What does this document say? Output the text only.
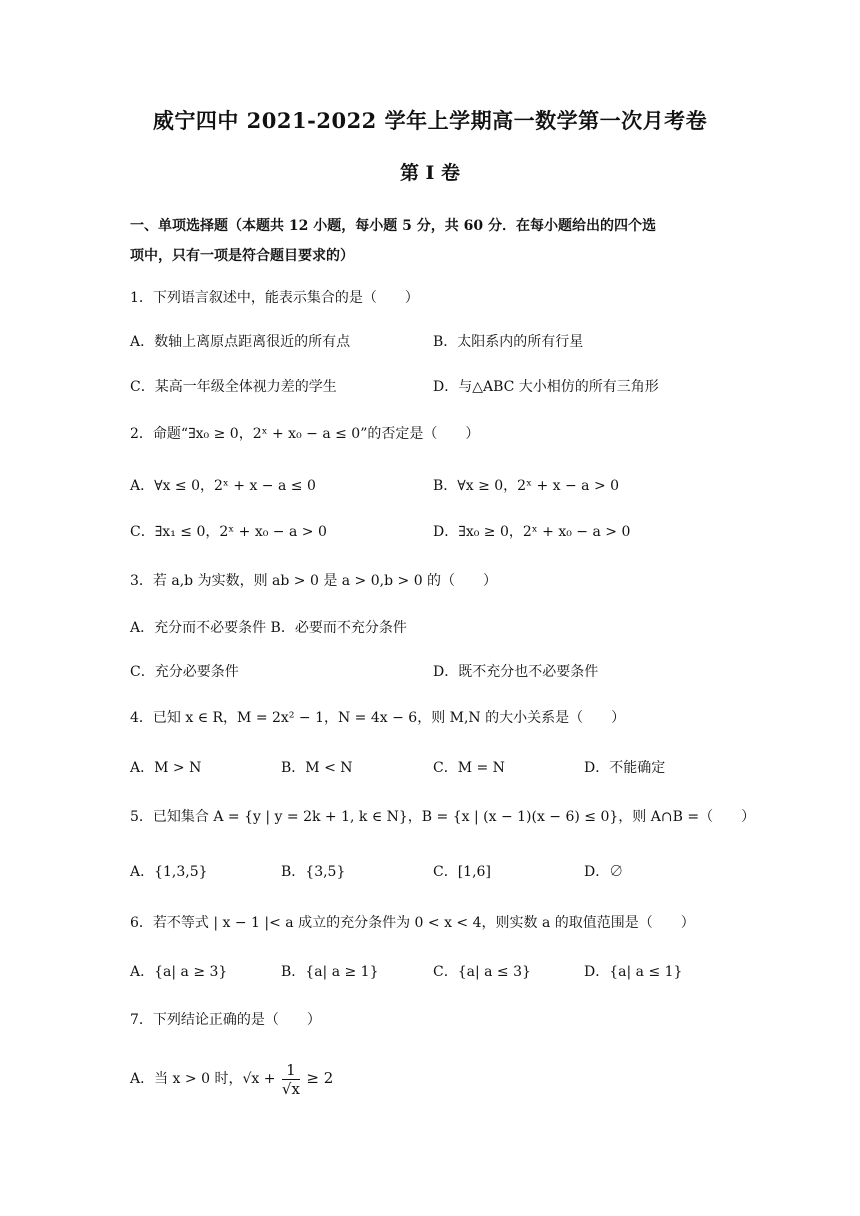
威宁四中 2021-2022 学年上学期高一数学第一次月考卷
第 I 卷
一、单项选择题（本题共 12 小题，每小题 5 分，共 60 分．在每小题给出的四个选
项中，只有一项是符合题目要求的）
1．下列语言叙述中，能表示集合的是（　　）
A．数轴上离原点距离很近的所有点	B．太阳系内的所有行星
C．某高一年级全体视力差的学生	D．与△ABC 大小相仿的所有三角形
2．命题“∃x₀ ≥ 0，2ˣ + x₀ − a ≤ 0”的否定是（　　）
A．∀x ≤ 0，2ˣ + x − a ≤ 0	B．∀x ≥ 0，2ˣ + x − a > 0
C．∃x₁ ≤ 0，2ˣ + x₀ − a > 0	D．∃x₀ ≥ 0，2ˣ + x₀ − a > 0
3．若 a,b 为实数，则 ab > 0 是 a > 0,b > 0 的（　　）
A．充分而不必要条件 B．必要而不充分条件
C．充分必要条件	D．既不充分也不必要条件
4．已知 x ∈ R，M = 2x² − 1，N = 4x − 6，则 M,N 的大小关系是（　　）
A．M > N	B．M < N	C．M = N	D．不能确定
5．已知集合 A = {y | y = 2k + 1, k ∈ N}，B = {x | (x − 1)(x − 6) ≤ 0}，则 A∩B =（　　）
A．{1,3,5}	B．{3,5}	C．[1,6]	D．∅
6．若不等式 | x − 1 |< a 成立的充分条件为 0 < x < 4，则实数 a 的取值范围是（　　）
A．{a| a ≥ 3}	B．{a| a ≥ 1}	C．{a| a ≤ 3}	D．{a| a ≤ 1}
7．下列结论正确的是（　　）
A．当 x > 0 时，$√x + \frac{1}{√x} \ge 2$
